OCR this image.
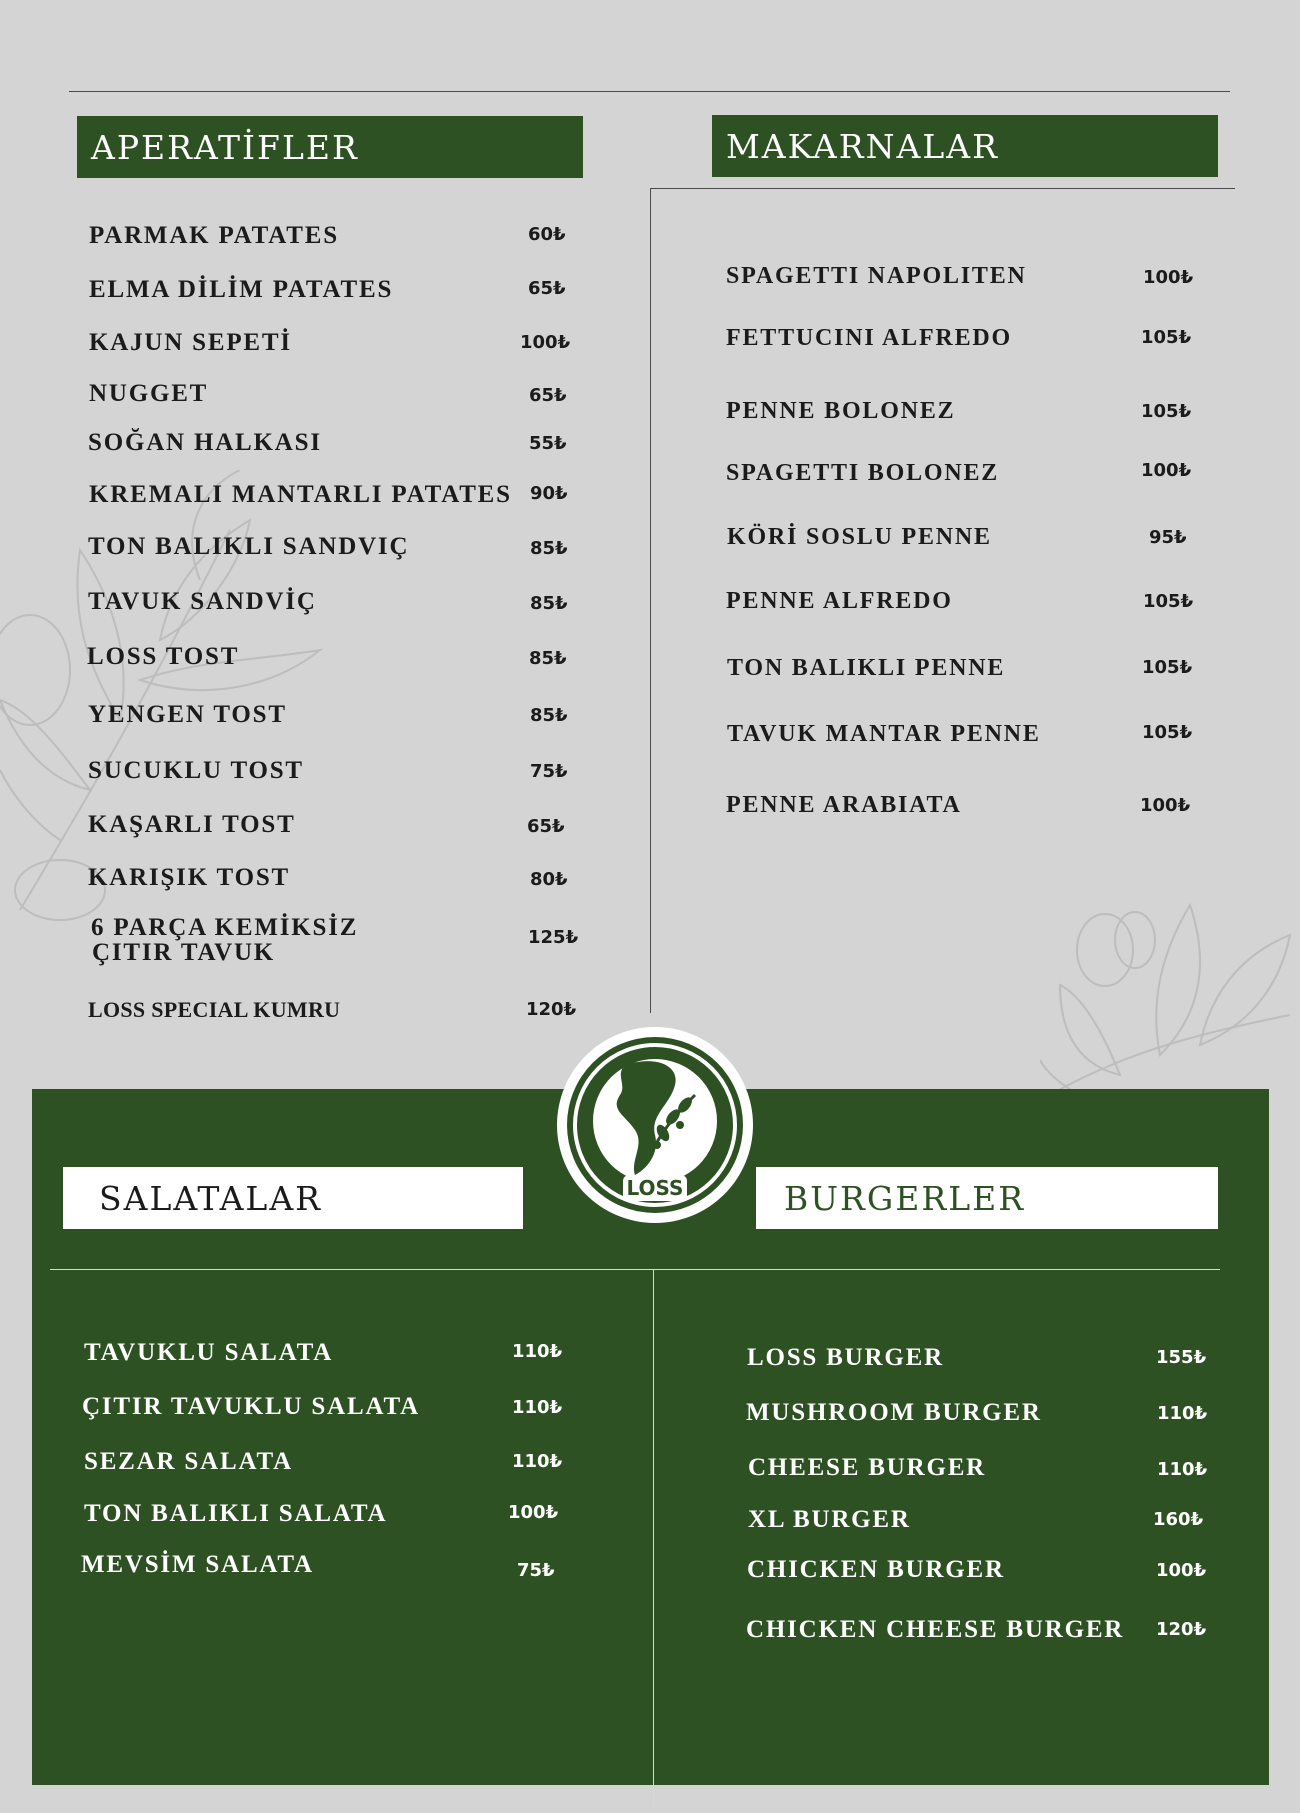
APERATİFLER	MAKARNALAR
PARMAK PATATES	60₺
ELMA DİLİM PATATES	65₺
KAJUN SEPETİ	100₺
NUGGET	65₺
SOĞAN HALKASI	55₺
KREMALI MANTARLI PATATES 90₺
TON BALIKLI SANDVIÇ	85₺
TAVUK SANDVİÇ	85₺
LOSS TOST	85₺
YENGEN TOST	85₺
SUCUKLU TOST	75₺
KAŞARLI TOST	65₺
KARIŞIK TOST	80₺
6 PARÇA KEMİKSİZ
ÇITIR TAVUK
125₺
LOSS SPECIAL KUMRU	120₺
SPAGETTI NAPOLITEN	100₺
FETTUCINI ALFREDO	105₺
PENNE BOLONEZ	105₺
SPAGETTI BOLONEZ	100₺
KÖRİ SOSLU PENNE	95₺
PENNE ALFREDO	105₺
TON BALIKLI PENNE	105₺
TAVUK MANTAR PENNE	105₺
PENNE ARABIATA	100₺
LOSS
SALATALAR	BURGERLER
TAVUKLU SALATA	110₺
ÇITIR TAVUKLU SALATA	110₺
SEZAR SALATA	110₺
TON BALIKLI SALATA	100₺
MEVSİM SALATA	75₺
LOSS BURGER	155₺
MUSHROOM BURGER	110₺
CHEESE BURGER	110₺
XL BURGER	160₺
CHICKEN BURGER	100₺
CHICKEN CHEESE BURGER 120₺
